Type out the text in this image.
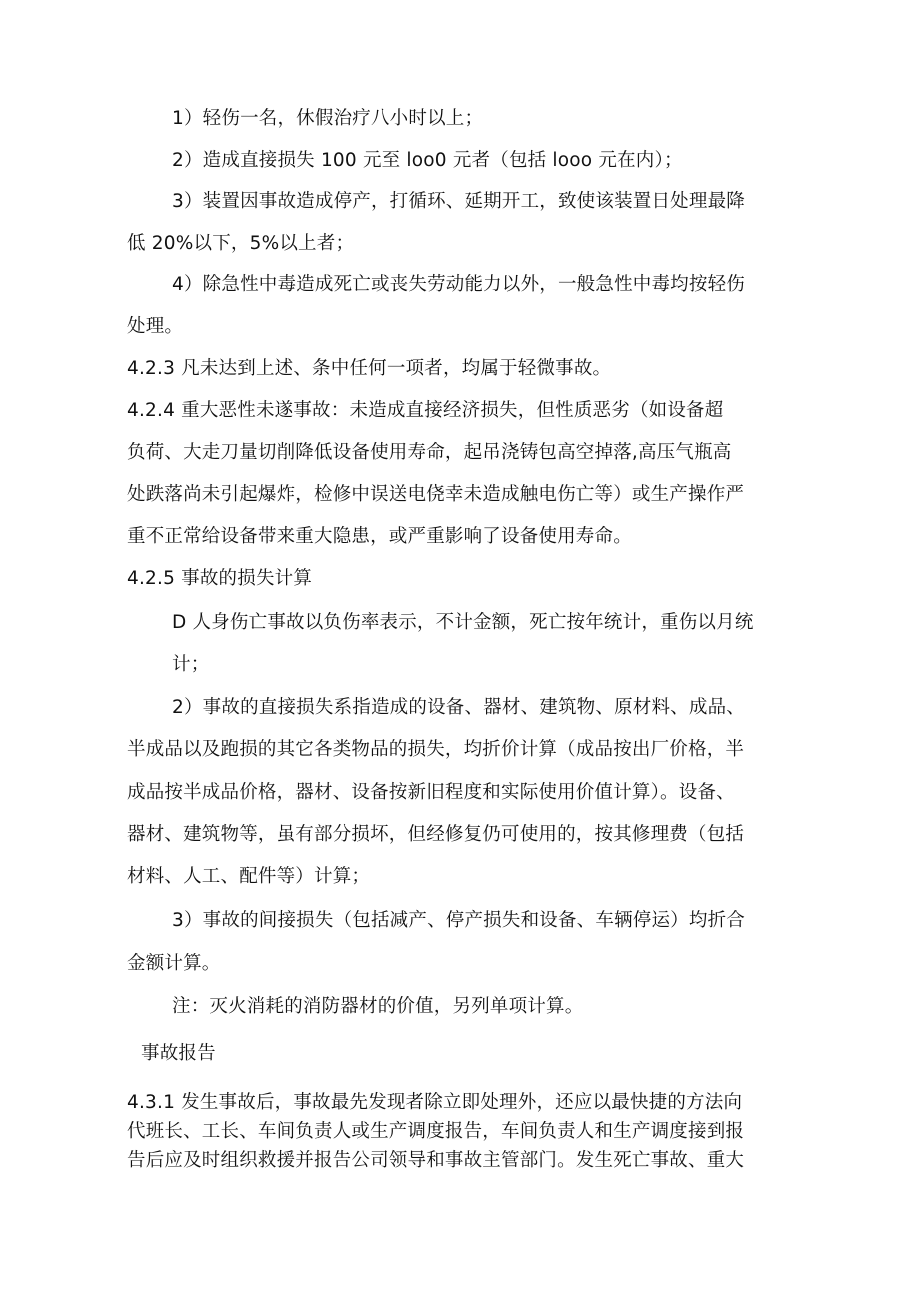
1）轻伤一名，休假治疗八小时以上；
2）造成直接损失 100 元至 loo0 元者（包括 looo 元在内）；
3）装置因事故造成停产，打循环、延期开工，致使该装置日处理最降
低 20%以下，5%以上者；
4）除急性中毒造成死亡或丧失劳动能力以外，一般急性中毒均按轻伤
处理。
4.2.3 凡未达到上述、条中任何一项者，均属于轻微事故。
4.2.4 重大恶性未遂事故：未造成直接经济损失，但性质恶劣（如设备超
负荷、大走刀量切削降低设备使用寿命，起吊浇铸包高空掉落,高压气瓶高
处跌落尚未引起爆炸，检修中误送电侥幸未造成触电伤亡等）或生产操作严
重不正常给设备带来重大隐患，或严重影响了设备使用寿命。
4.2.5 事故的损失计算
D 人身伤亡事故以负伤率表示，不计金额，死亡按年统计，重伤以月统
计；
2）事故的直接损失系指造成的设备、器材、建筑物、原材料、成品、
半成品以及跑损的其它各类物品的损失，均折价计算（成品按出厂价格，半
成品按半成品价格，器材、设备按新旧程度和实际使用价值计算）。设备、
器材、建筑物等，虽有部分损坏，但经修复仍可使用的，按其修理费（包括
材料、人工、配件等）计算；
3）事故的间接损失（包括减产、停产损失和设备、车辆停运）均折合
金额计算。
注：灭火消耗的消防器材的价值，另列单项计算。
事故报告
4.3.1 发生事故后，事故最先发现者除立即处理外，还应以最快捷的方法向
代班长、工长、车间负责人或生产调度报告，车间负责人和生产调度接到报
告后应及时组织救援并报告公司领导和事故主管部门。发生死亡事故、重大
